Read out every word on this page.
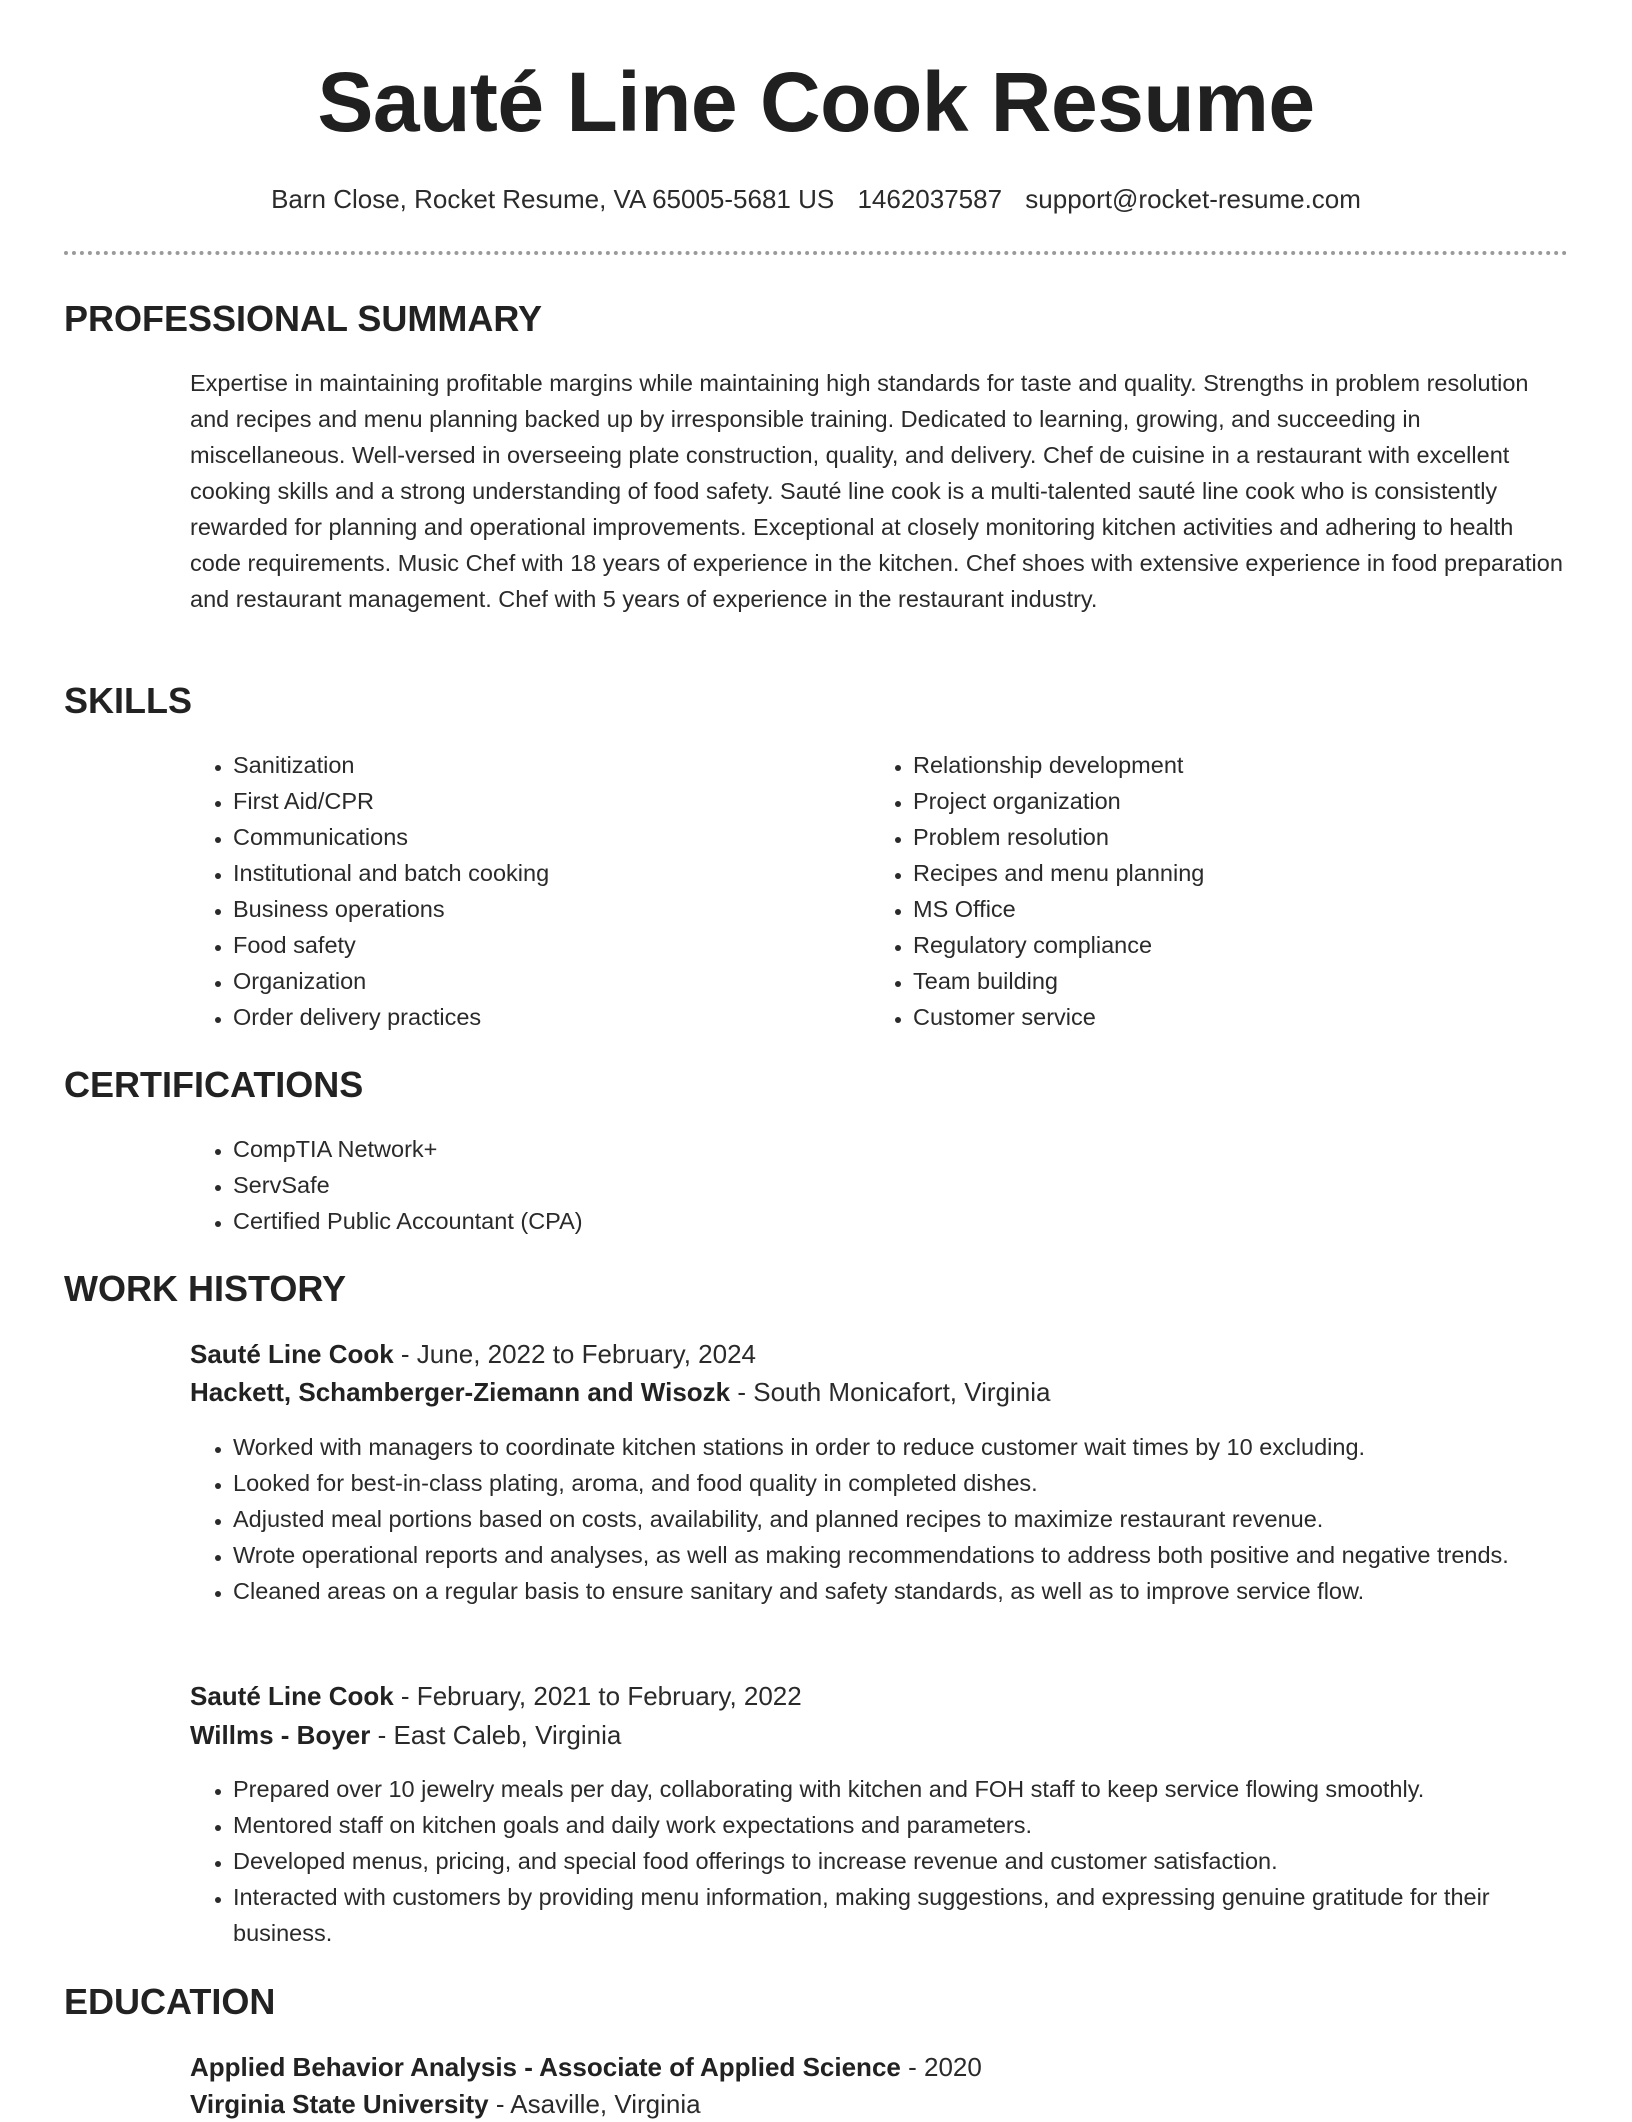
Sauté Line Cook Resume
Barn Close, Rocket Resume, VA 65005-5681 US 1462037587 support@rocket-resume.com
PROFESSIONAL SUMMARY

Expertise in maintaining profitable margins while maintaining high standards for taste and quality. Strengths in problem resolution and recipes and menu planning backed up by irresponsible training. Dedicated to learning, growing, and succeeding in miscellaneous. Well-versed in overseeing plate construction, quality, and delivery. Chef de cuisine in a restaurant with excellent cooking skills and a strong understanding of food safety. Sauté line cook is a multi-talented sauté line cook who is consistently rewarded for planning and operational improvements. Exceptional at closely monitoring kitchen activities and adhering to health code requirements. Music Chef with 18 years of experience in the kitchen. Chef shoes with extensive experience in food preparation and restaurant management. Chef with 5 years of experience in the restaurant industry.

SKILLS
• Sanitization
• First Aid/CPR
• Communications
• Institutional and batch cooking
• Business operations
• Food safety
• Organization
• Order delivery practices
• Relationship development
• Project organization
• Problem resolution
• Recipes and menu planning
• MS Office
• Regulatory compliance
• Team building
• Customer service
CERTIFICATIONS
• CompTIA Network+
• ServSafe
• Certified Public Accountant (CPA)
WORK HISTORY
Sauté Line Cook - June, 2022 to February, 2024
Hackett, Schamberger-Ziemann and Wisozk - South Monicafort, Virginia
• Worked with managers to coordinate kitchen stations in order to reduce customer wait times by 10 excluding.
• Looked for best-in-class plating, aroma, and food quality in completed dishes.
• Adjusted meal portions based on costs, availability, and planned recipes to maximize restaurant revenue.
• Wrote operational reports and analyses, as well as making recommendations to address both positive and negative trends.
• Cleaned areas on a regular basis to ensure sanitary and safety standards, as well as to improve service flow.
Sauté Line Cook - February, 2021 to February, 2022
Willms - Boyer - East Caleb, Virginia
• Prepared over 10 jewelry meals per day, collaborating with kitchen and FOH staff to keep service flowing smoothly.
• Mentored staff on kitchen goals and daily work expectations and parameters.
• Developed menus, pricing, and special food offerings to increase revenue and customer satisfaction.
• Interacted with customers by providing menu information, making suggestions, and expressing genuine gratitude for their business.
EDUCATION
Applied Behavior Analysis - Associate of Applied Science - 2020
Virginia State University - Asaville, Virginia
